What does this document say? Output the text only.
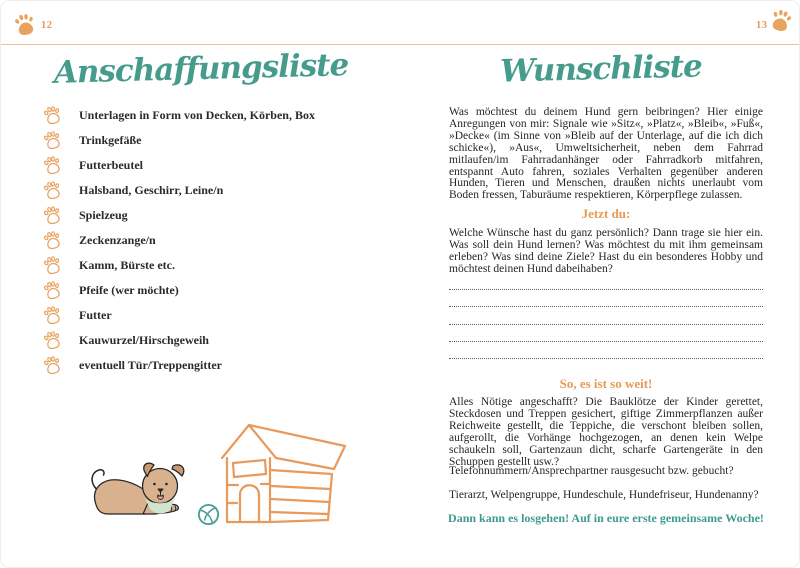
12	13
Anschaffungsliste
Unterlagen in Form von Decken, Körben, Box
Trinkgefäße
Futterbeutel
Halsband, Geschirr, Leine/n
Spielzeug
Zeckenzange/n
Kamm, Bürste etc.
Pfeife (wer möchte)
Futter
Kauwurzel/Hirschgeweih
eventuell Tür/Treppengitter
Wunschliste

Was möchtest du deinem Hund gern beibringen? Hier einige Anregungen von mir: Signale wie »Sitz«, »Platz«, »Bleib«, »Fuß«, »Decke« (im Sinne von »Bleib auf der Unterlage, auf die ich dich schicke«), »Aus«, Umweltsicherheit, neben dem Fahrrad mitlaufen/im Fahrradanhänger oder Fahrradkorb mitfahren, entspannt Auto fahren, soziales Verhalten gegenüber anderen Hunden, Tieren und Menschen, draußen nichts unerlaubt vom Boden fressen, Taburäume respektieren, Körperpflege zulassen.

Jetzt du:

Welche Wünsche hast du ganz persönlich? Dann trage sie hier ein. Was soll dein Hund lernen? Was möchtest du mit ihm gemeinsam erleben? Was sind deine Ziele? Hast du ein besonderes Hobby und möchtest deinen Hund dabeihaben?

So, es ist so weit!

Alles Nötige angeschafft? Die Bauklötze der Kinder gerettet, Steckdosen und Treppen gesichert, giftige Zimmerpflanzen außer Reichweite gestellt, die Teppiche, die verschont bleiben sollen, aufgerollt, die Vorhänge hochgezogen, an denen kein Welpe schaukeln soll, Gartenzaun dicht, scharfe Gartengeräte in den Schuppen gestellt usw.?

Telefonnummern/Ansprechpartner rausgesucht bzw. gebucht?
Tierarzt, Welpengruppe, Hundeschule, Hundefriseur, Hundenanny?
Dann kann es losgehen! Auf in eure erste gemeinsame Woche!
